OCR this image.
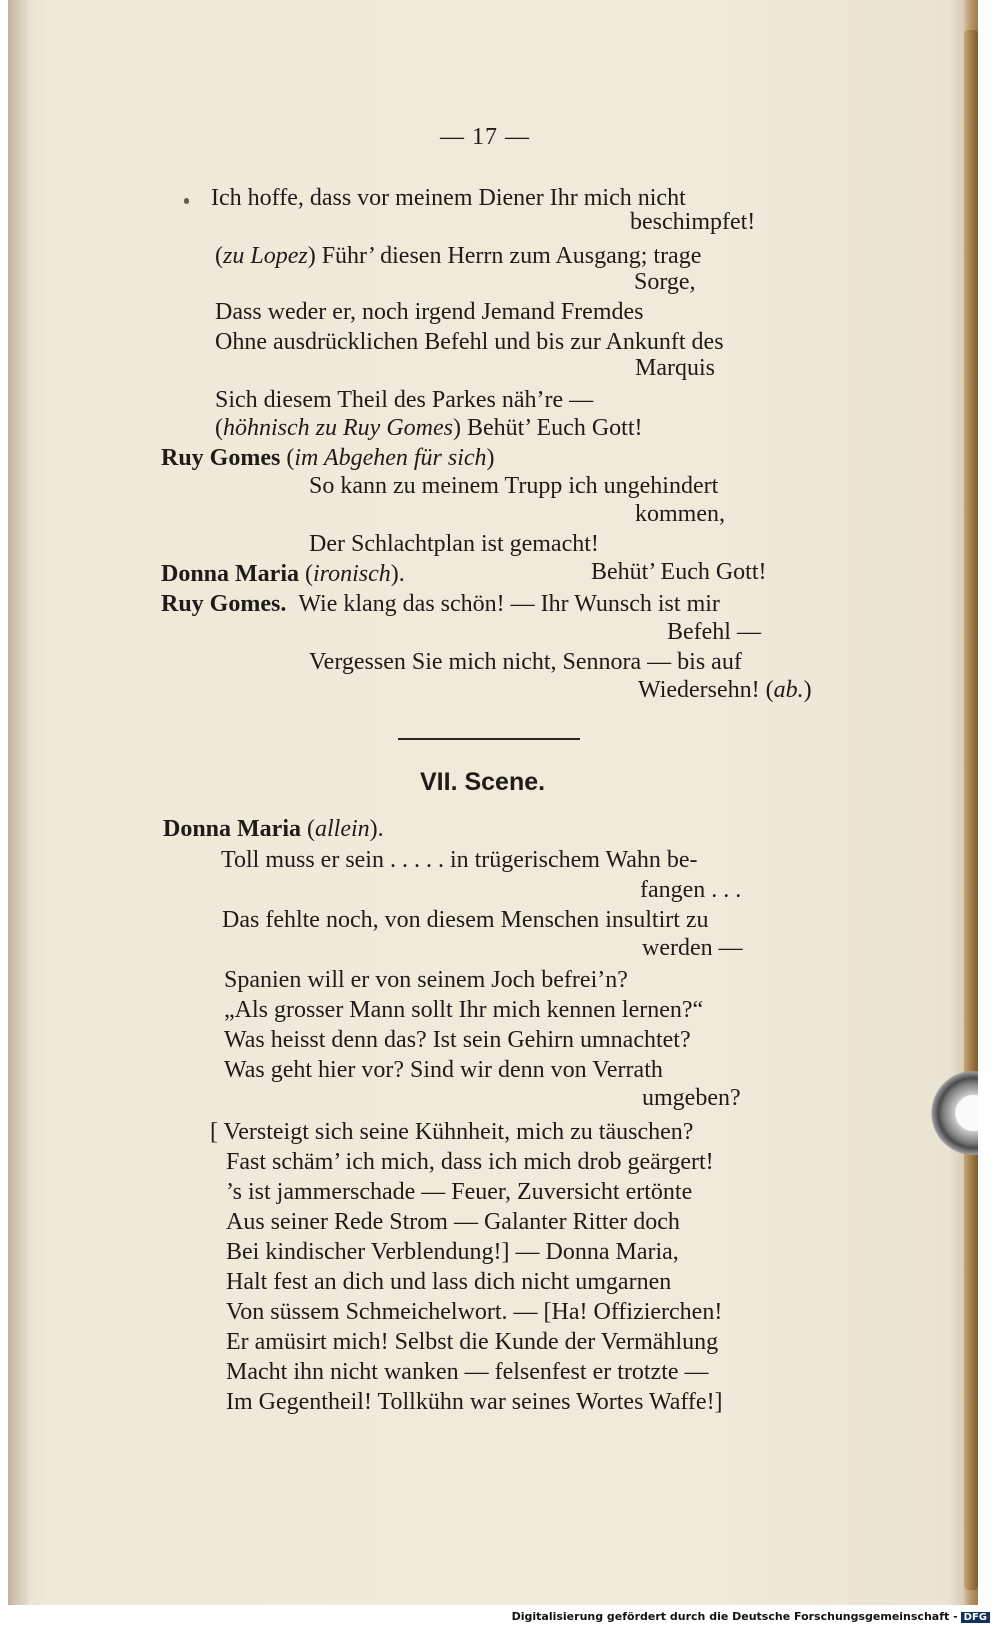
— 17 —
Ich hoffe, dass vor meinem Diener Ihr mich nicht
beschimpfet!
(zu Lopez) Führ’ diesen Herrn zum Ausgang; trage
Sorge,
Dass weder er, noch irgend Jemand Fremdes
Ohne ausdrücklichen Befehl und bis zur Ankunft des
Marquis
Sich diesem Theil des Parkes näh’re —
(höhnisch zu Ruy Gomes) Behüt’ Euch Gott!
Ruy Gomes (im Abgehen für sich)
So kann zu meinem Trupp ich ungehindert
kommen,
Der Schlachtplan ist gemacht!
Donna Maria (ironisch).	Behüt’ Euch Gott!
Ruy Gomes. Wie klang das schön! — Ihr Wunsch ist mir
Befehl —
Vergessen Sie mich nicht, Sennora — bis auf
Wiedersehn! (ab.)
VII. Scene.
Donna Maria (allein).
Toll muss er sein . . . . . in trügerischem Wahn be-
fangen . . .
Das fehlte noch, von diesem Menschen insultirt zu
werden —
Spanien will er von seinem Joch befrei’n?
„Als grosser Mann sollt Ihr mich kennen lernen?“
Was heisst denn das? Ist sein Gehirn umnachtet?
Was geht hier vor? Sind wir denn von Verrath
umgeben?
[ Versteigt sich seine Kühnheit, mich zu täuschen?
Fast schäm’ ich mich, dass ich mich drob geärgert!
’s ist jammerschade — Feuer, Zuversicht ertönte
Aus seiner Rede Strom — Galanter Ritter doch
Bei kindischer Verblendung!] — Donna Maria,
Halt fest an dich und lass dich nicht umgarnen
Von süssem Schmeichelwort. — [Ha! Offizierchen!
Er amüsirt mich! Selbst die Kunde der Vermählung
Macht ihn nicht wanken — felsenfest er trotzte —
Im Gegentheil! Tollkühn war seines Wortes Waffe!]
Digitalisierung gefördert durch die Deutsche Forschungsgemeinschaft - DFG
